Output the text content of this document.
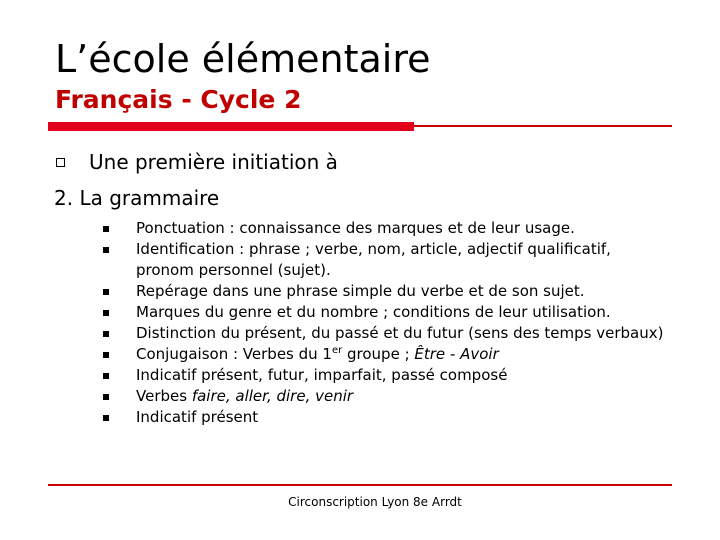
L’école élémentaire
Français - Cycle 2
Une première initiation à
2. La grammaire
Ponctuation : connaissance des marques et de leur usage.
Identification : phrase ; verbe, nom, article, adjectif qualificatif, pronom personnel (sujet).
Repérage dans une phrase simple du verbe et de son sujet.
Marques du genre et du nombre ; conditions de leur utilisation.
Distinction du présent, du passé et du futur (sens des temps verbaux)
Conjugaison : Verbes du 1er groupe ; Être - Avoir
Indicatif présent, futur, imparfait, passé composé
Verbes faire, aller, dire, venir
Indicatif présent
Circonscription Lyon 8e Arrdt
